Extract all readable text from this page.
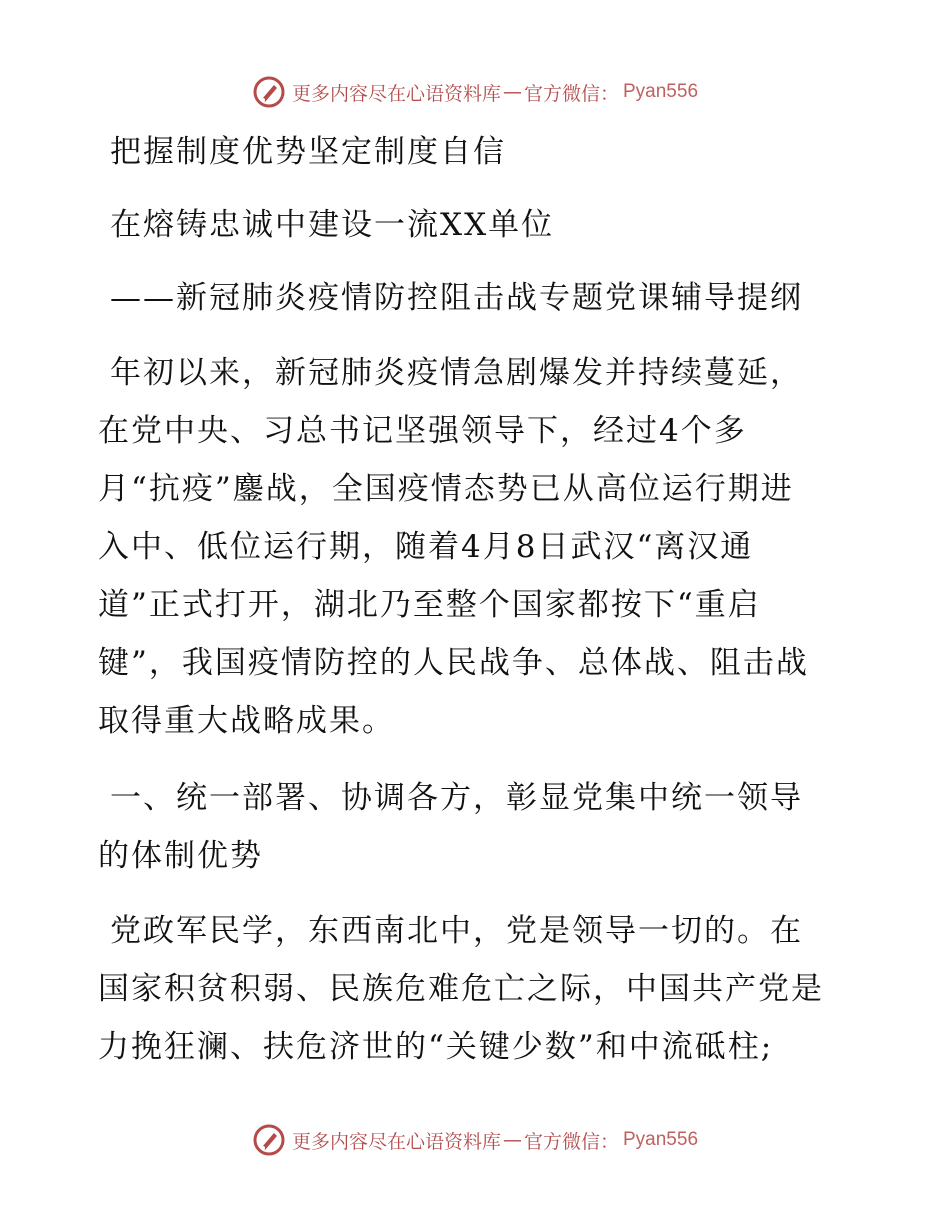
更多内容尽在心语资料库 — 官方微信： Pyan556
把握制度优势坚定制度自信
在熔铸忠诚中建设一流XX单位
——新冠肺炎疫情防控阻击战专题党课辅导提纲
年初以来，新冠肺炎疫情急剧爆发并持续蔓延，
在党中央、习总书记坚强领导下，经过4个多
月“抗疫”鏖战，全国疫情态势已从高位运行期进
入中、低位运行期，随着4月8日武汉“离汉通
道”正式打开，湖北乃至整个国家都按下“重启
键”，我国疫情防控的人民战争、总体战、阻击战
取得重大战略成果。
一、统一部署、协调各方，彰显党集中统一领导
的体制优势
党政军民学，东西南北中，党是领导一切的。在
国家积贫积弱、民族危难危亡之际，中国共产党是
力挽狂澜、扶危济世的“关键少数”和中流砥柱;
更多内容尽在心语资料库 — 官方微信： Pyan556
